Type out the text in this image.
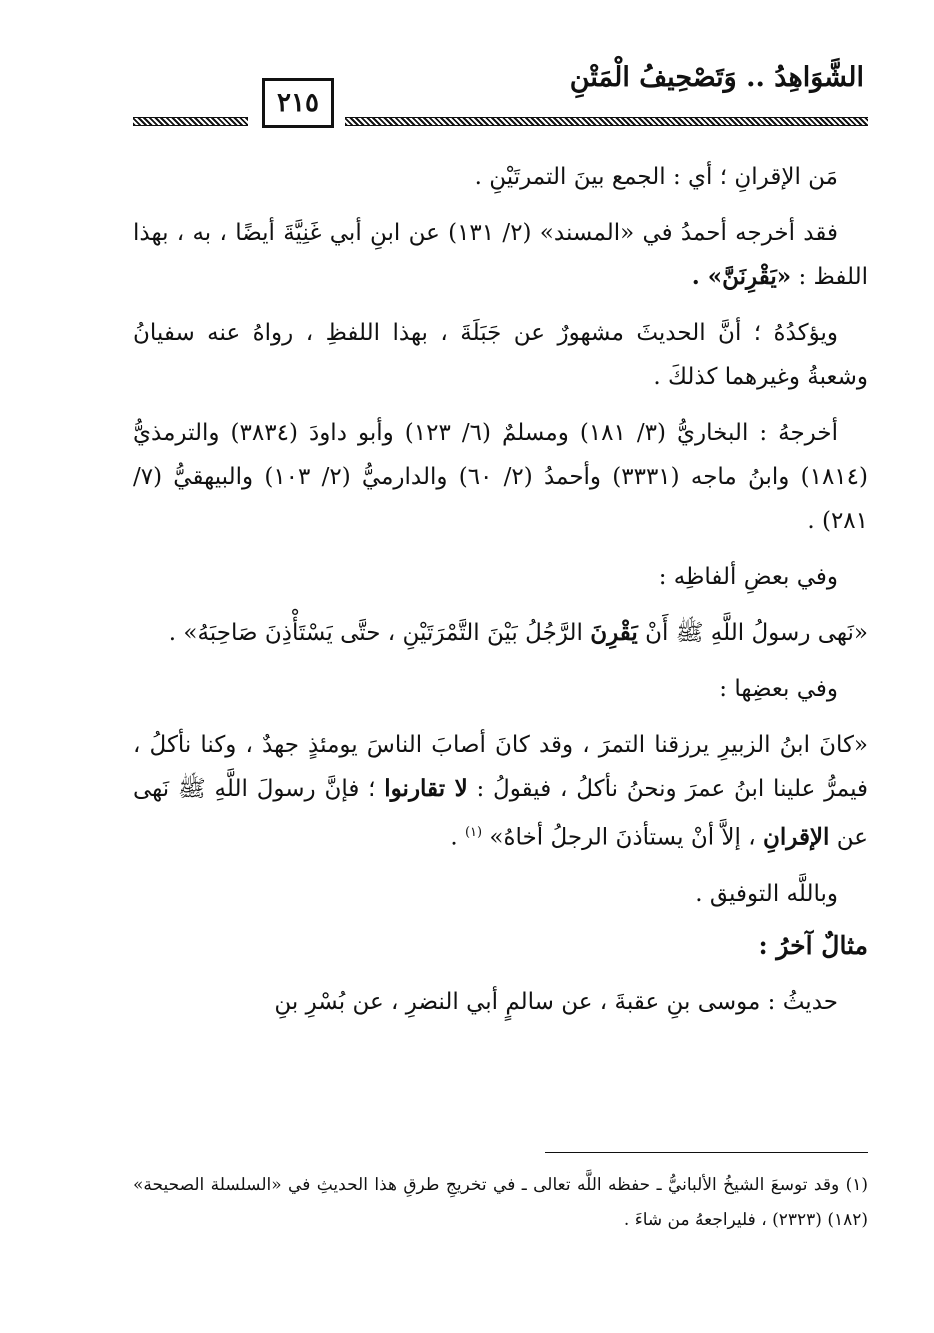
الشَّوَاهِدُ .. وَتَصْحِيفُ الْمَتْنِ
٢١٥

مَن الإقرانِ ؛ أي : الجمع بينَ التمرتَيْنِ .

فقد أخرجه أحمدُ في «المسند» (٢/ ١٣١) عن ابنِ أبي غَنِيَّةَ أيضًا ، به ، بهذا اللفظ : «يَقْرِنَنَّ» .

ويؤكدُهُ ؛ أنَّ الحديثَ مشهورٌ عن جَبَلَةَ ، بهذا اللفظِ ، رواهُ عنه سفيانُ وشعبةُ وغيرهما كذلكَ .

أخرجهُ : البخاريُّ (٣/ ١٨١) ومسلمٌ (٦/ ١٢٣) وأبو داودَ (٣٨٣٤) والترمذيُّ (١٨١٤) وابنُ ماجه (٣٣٣١) وأحمدُ (٢/ ٦٠) والدارميُّ (٢/ ١٠٣) والبيهقيُّ (٧/ ٢٨١) .

وفي بعضِ ألفاظِه :

«نَهى رسولُ اللَّهِ ﷺ أَنْ يَقْرِنَ الرَّجُلُ بَيْنَ التَّمْرَتَيْنِ ، حتَّى يَسْتَأْذِنَ صَاحِبَهُ» .

وفي بعضِها :

«كانَ ابنُ الزبيرِ يرزقنا التمرَ ، وقد كانَ أصابَ الناسَ يومئذٍ جهدٌ ، وكنا نأكلُ ، فيمرُّ علينا ابنُ عمرَ ونحنُ نأكلُ ، فيقولُ : لا تقارنوا ؛ فإنَّ رسولَ اللَّهِ ﷺ نَهى عن الإقرانِ ، إلاَّ أنْ يستأذنَ الرجلُ أخاهُ» $^{(١)}$ .

وباللَّه التوفيق .

مثالٌ آخرُ :

حديثُ : موسى بنِ عقبةَ ، عن سالمٍ أبي النضرِ ، عن بُسْرِ بنِ

(١) وقد توسعَ الشيخُ الألبانيُّ ـ حفظه اللَّه تعالى ـ في تخريجِ طرقِ هذا الحديثِ في «السلسلة الصحيحة» (١٨٢) (٢٣٢٣) ، فليراجعهُ من شاءَ .
